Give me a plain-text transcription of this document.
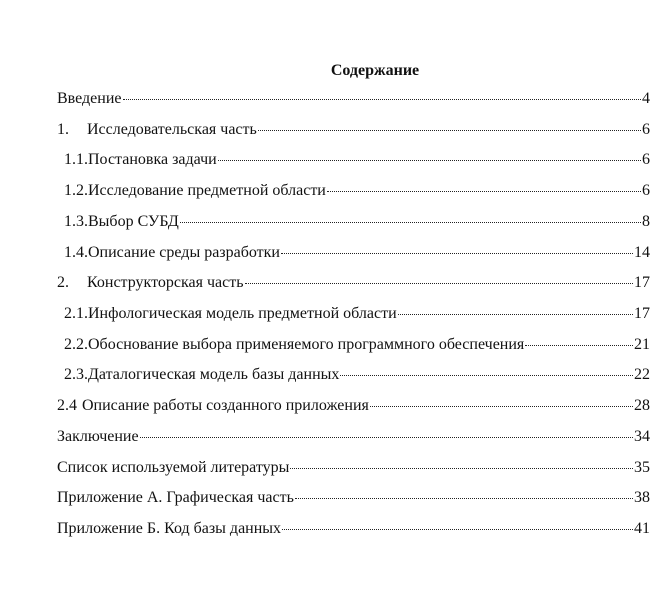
Содержание
Введение	4
1. Исследовательская часть	6
1.1.Постановка задачи	6
1.2.Исследование предметной области	6
1.3.Выбор СУБД	8
1.4.Описание среды разработки	14
2. Конструкторская часть	17
2.1.Инфологическая модель предметной области	17
2.2.Обоснование выбора применяемого программного обеспечения	21
2.3.Даталогическая модель базы данных	22
2.4 Описание работы созданного приложения	28
Заключение	34
Список используемой литературы	35
Приложение А. Графическая часть	38
Приложение Б. Код базы данных	41
